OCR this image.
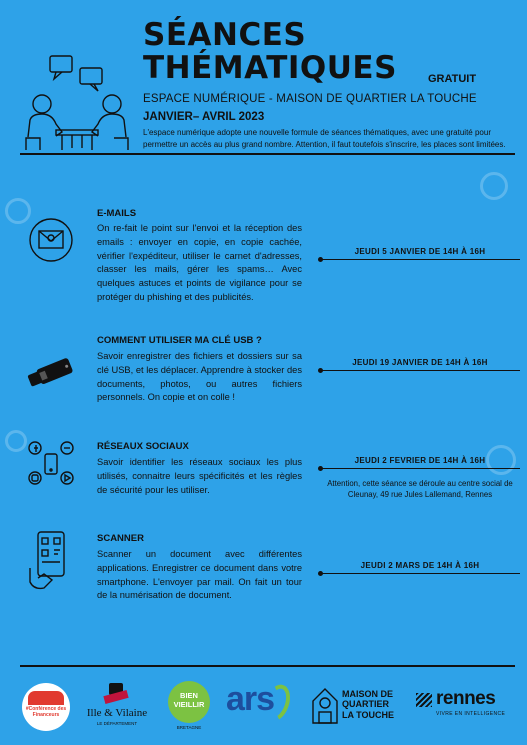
SÉANCES
THÉMATIQUES	GRATUIT
ESPACE NUMÉRIQUE - MAISON DE QUARTIER LA TOUCHE
JANVIER– AVRIL 2023
L'espace numérique adopte une nouvelle formule de séances thématiques, avec une gratuité pour permettre un accès au plus grand nombre. Attention, il faut toutefois s'inscrire, les places sont limitées.
E-MAILS
On re-fait le point sur l'envoi et la réception des emails : envoyer en copie, en copie cachée, vérifier l'expéditeur, utiliser le carnet d'adresses, classer les mails, gérer les spams… Avec quelques astuces et points de vigilance pour se protéger du phishing et des publicités.
JEUDI 5 JANVIER DE 14H À 16H
COMMENT UTILISER MA CLÉ USB ?
Savoir enregistrer des fichiers et dossiers sur sa clé USB, et les déplacer. Apprendre à stocker des documents, photos, ou autres fichiers personnels. On copie et on colle !
JEUDI 19 JANVIER DE 14H À 16H
RÉSEAUX SOCIAUX
Savoir identifier les réseaux sociaux les plus utilisés, connaitre leurs spécificités et les règles de sécurité pour les utiliser.
JEUDI 2 FEVRIER DE 14H À 16H
Attention, cette séance se déroule au centre social de Cleunay, 49 rue Jules Lallemand, Rennes
SCANNER
Scanner un document avec différentes applications. Enregistrer ce document dans votre smartphone. L'envoyer par mail. On fait un tour de la numérisation de document.
JEUDI 2 MARS DE 14H À 16H
#Conférence des Financeurs	Ille & Vilaine
LE DÉPARTEMENT
BIEN VIEILLIR
BRETAGNE
ars	MAISON DE QUARTIER LA TOUCHE
rennes
VIVRE EN INTELLIGENCE
